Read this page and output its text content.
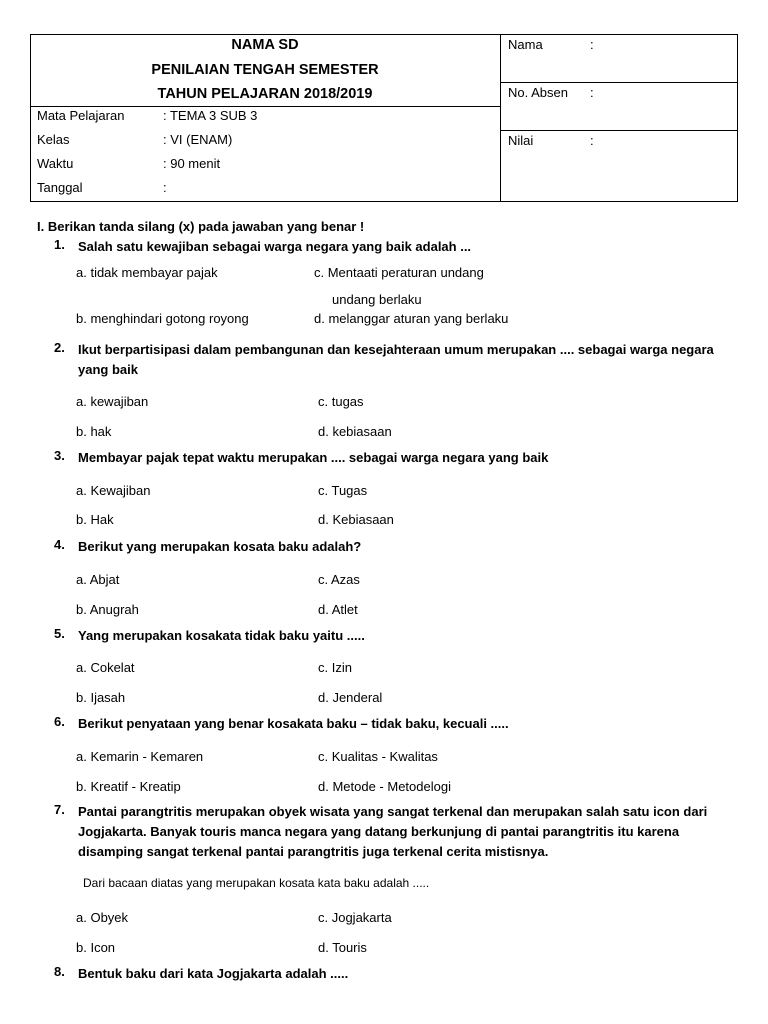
NAMA SD
PENILAIAN TENGAH SEMESTER
TAHUN PELAJARAN 2018/2019
Mata Pelajaran	: TEMA 3 SUB 3
Kelas	: VI (ENAM)
Waktu	: 90 menit
Tanggal	:
Nama	:
No. Absen :
Nilai	:
I. Berikan tanda silang (x) pada jawaban yang benar !
1. Salah satu kewajiban sebagai warga negara yang baik adalah ...
a. tidak membayar pajak	c. Mentaati peraturan undang
undang berlaku
b. menghindari gotong royong	d. melanggar aturan yang berlaku
2. Ikut berpartisipasi dalam pembangunan dan kesejahteraan umum merupakan .... sebagai warga negara yang baik
a. kewajiban	c. tugas
b. hak	d. kebiasaan
3. Membayar pajak tepat waktu merupakan .... sebagai warga negara yang baik
a. Kewajiban	c. Tugas
b. Hak	d. Kebiasaan
4. Berikut yang merupakan kosata baku adalah?
a. Abjat	c. Azas
b. Anugrah	d. Atlet
5. Yang merupakan kosakata tidak baku yaitu .....
a. Cokelat	c. Izin
b. Ijasah	d. Jenderal
6. Berikut penyataan yang benar kosakata baku – tidak baku, kecuali .....
a. Kemarin - Kemaren	c. Kualitas - Kwalitas
b. Kreatif - Kreatip	d. Metode - Metodelogi
7. Pantai parangtritis merupakan obyek wisata yang sangat terkenal dan merupakan salah satu icon dari Jogjakarta. Banyak touris manca negara yang datang berkunjung di pantai parangtritis itu karena disamping sangat terkenal pantai parangtritis juga terkenal cerita mistisnya.
Dari bacaan diatas yang merupakan kosata kata baku adalah .....
a. Obyek	c. Jogjakarta
b. Icon	d. Touris
8. Bentuk baku dari kata Jogjakarta adalah .....
